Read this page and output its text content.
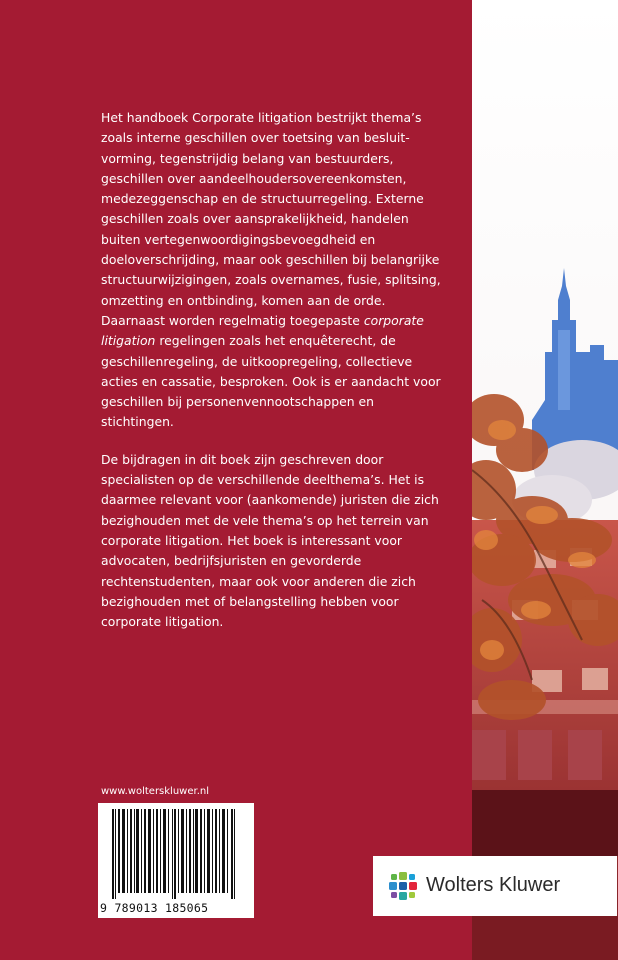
Het handboek Corporate litigation bestrijkt thema’s zoals interne geschillen over toetsing van besluit-vorming, tegenstrijdig belang van bestuurders, geschillen over aandeelhoudersovereenkomsten, medezeggenschap en de structuurregeling. Externe geschillen zoals over aansprakelijkheid, handelen buiten vertegenwoordigingsbevoegdheid en doeloverschrijding, maar ook geschillen bij belangrijke structuurwijzigingen, zoals overnames, fusie, splitsing, omzetting en ontbinding, komen aan de orde. Daarnaast worden regelmatig toegepaste corporate litigation regelingen zoals het enquêterecht, de geschillenregeling, de uitkoopregeling, collectieve acties en cassatie, besproken. Ook is er aandacht voor geschillen bij personenvennootschappen en stichtingen.

De bijdragen in dit boek zijn geschreven door specialisten op de verschillende deelthema’s. Het is daarmee relevant voor (aankomende) juristen die zich bezighouden met de vele thema’s op het terrein van corporate litigation. Het boek is interessant voor advocaten, bedrijfsjuristen en gevorderde rechtenstudenten, maar ook voor anderen die zich bezighouden met of belangstelling hebben voor corporate litigation.

www.wolterskluwer.nl
9 789013 185065
Wolters Kluwer
